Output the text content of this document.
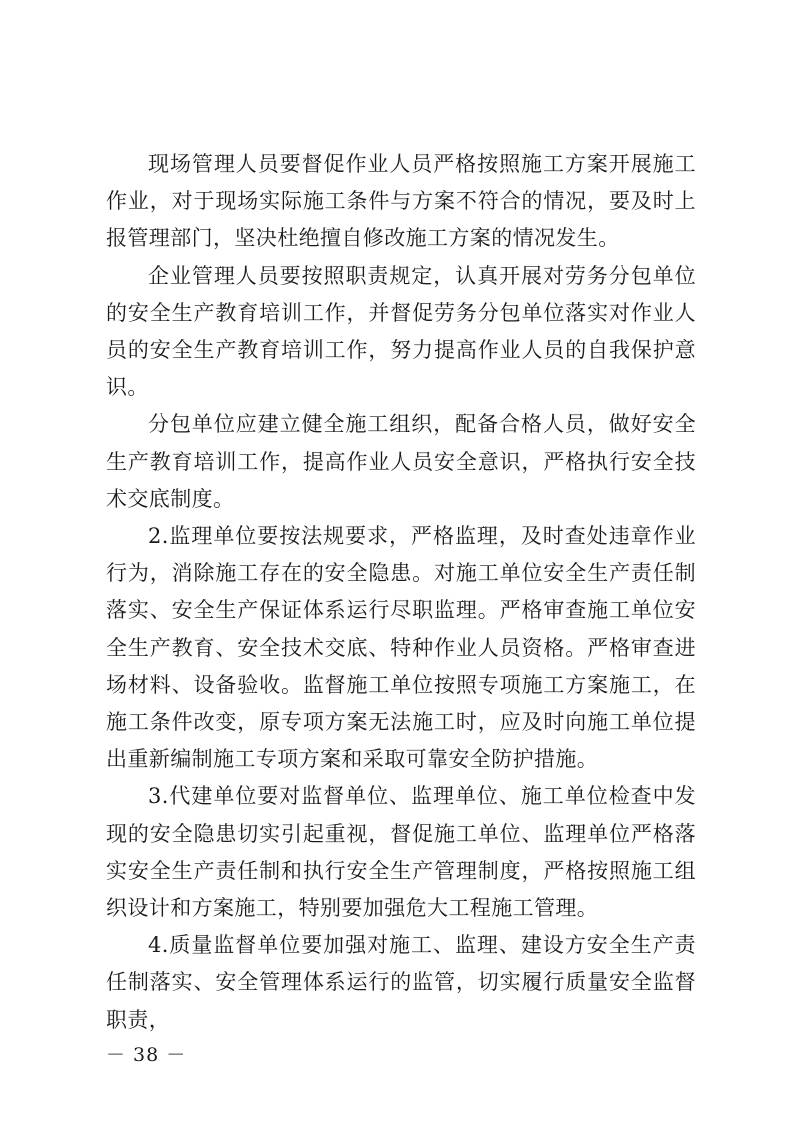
现场管理人员要督促作业人员严格按照施工方案开展施工作业，对于现场实际施工条件与方案不符合的情况，要及时上报管理部门，坚决杜绝擅自修改施工方案的情况发生。

企业管理人员要按照职责规定，认真开展对劳务分包单位的安全生产教育培训工作，并督促劳务分包单位落实对作业人员的安全生产教育培训工作，努力提高作业人员的自我保护意识。

分包单位应建立健全施工组织，配备合格人员，做好安全生产教育培训工作，提高作业人员安全意识，严格执行安全技术交底制度。

2.监理单位要按法规要求，严格监理，及时查处违章作业行为，消除施工存在的安全隐患。对施工单位安全生产责任制落实、安全生产保证体系运行尽职监理。严格审查施工单位安全生产教育、安全技术交底、特种作业人员资格。严格审查进场材料、设备验收。监督施工单位按照专项施工方案施工，在施工条件改变，原专项方案无法施工时，应及时向施工单位提出重新编制施工专项方案和采取可靠安全防护措施。

3.代建单位要对监督单位、监理单位、施工单位检查中发现的安全隐患切实引起重视，督促施工单位、监理单位严格落实安全生产责任制和执行安全生产管理制度，严格按照施工组织设计和方案施工，特别要加强危大工程施工管理。

4.质量监督单位要加强对施工、监理、建设方安全生产责任制落实、安全管理体系运行的监管，切实履行质量安全监督职责，

－ 38 －
